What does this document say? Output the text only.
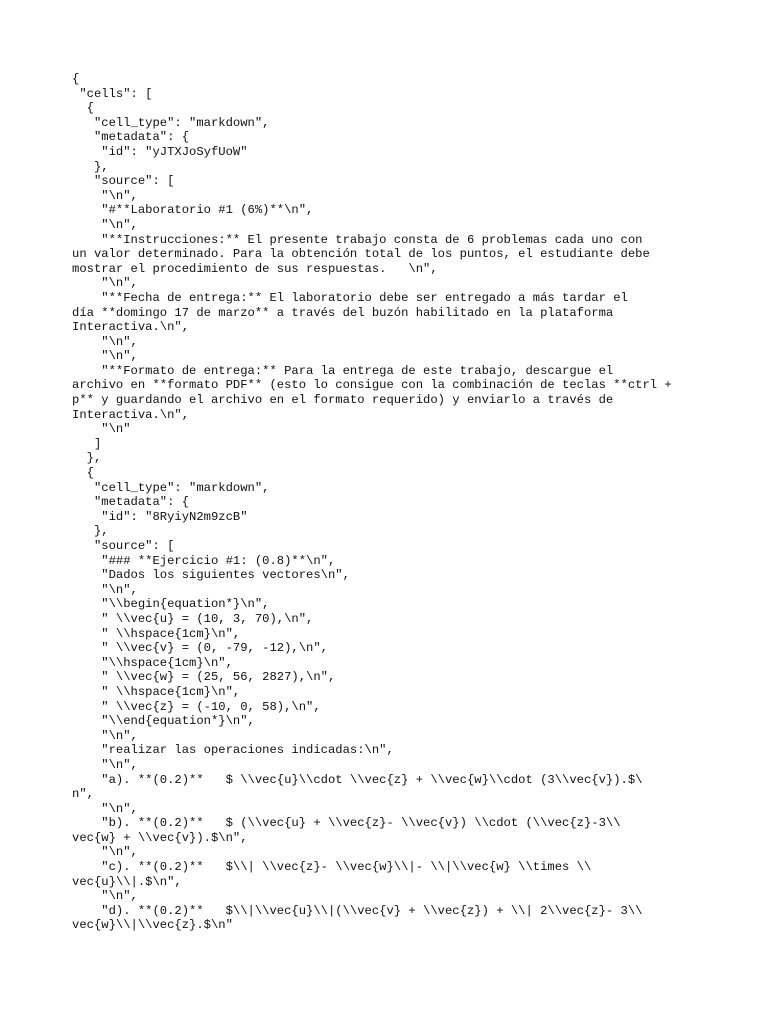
{
"cells": [
{
"cell_type": "markdown",
"metadata": {
"id": "yJTXJoSyfUoW"
},
"source": [
"\n",
"#**Laboratorio #1 (6%)**\n",
"\n",
"**Instrucciones:** El presente trabajo consta de 6 problemas cada uno con
un valor determinado. Para la obtención total de los puntos, el estudiante debe
mostrar el procedimiento de sus respuestas.   \n",
"\n",
"**Fecha de entrega:** El laboratorio debe ser entregado a más tardar el
día **domingo 17 de marzo** a través del buzón habilitado en la plataforma
Interactiva.\n",
"\n",
"\n",
"**Formato de entrega:** Para la entrega de este trabajo, descargue el
archivo en **formato PDF** (esto lo consigue con la combinación de teclas **ctrl +
p** y guardando el archivo en el formato requerido) y enviarlo a través de
Interactiva.\n",
"\n"
]
},
{
"cell_type": "markdown",
"metadata": {
"id": "8RyiyN2m9zcB"
},
"source": [
"### **Ejercicio #1: (0.8)**\n",
"Dados los siguientes vectores\n",
"\n",
"\\begin{equation*}\n",
" \\vec{u} = (10, 3, 70),\n",
" \\hspace{1cm}\n",
" \\vec{v} = (0, -79, -12),\n",
"\\hspace{1cm}\n",
" \\vec{w} = (25, 56, 2827),\n",
" \\hspace{1cm}\n",
" \\vec{z} = (-10, 0, 58),\n",
"\\end{equation*}\n",
"\n",
"realizar las operaciones indicadas:\n",
"\n",
"a). **(0.2)**   $ \\vec{u}\\cdot \\vec{z} + \\vec{w}\\cdot (3\\vec{v}).$\
n",
"\n",
"b). **(0.2)**   $ (\\vec{u} + \\vec{z}- \\vec{v}) \\cdot (\\vec{z}-3\\
vec{w} + \\vec{v}).$\n",
"\n",
"c). **(0.2)**   $\\| \\vec{z}- \\vec{w}\\|- \\|\\vec{w} \\times \\
vec{u}\\|.$\n",
"\n",
"d). **(0.2)**   $\\|\\vec{u}\\|(\\vec{v} + \\vec{z}) + \\| 2\\vec{z}- 3\\
vec{w}\\|\\vec{z}.$\n"
